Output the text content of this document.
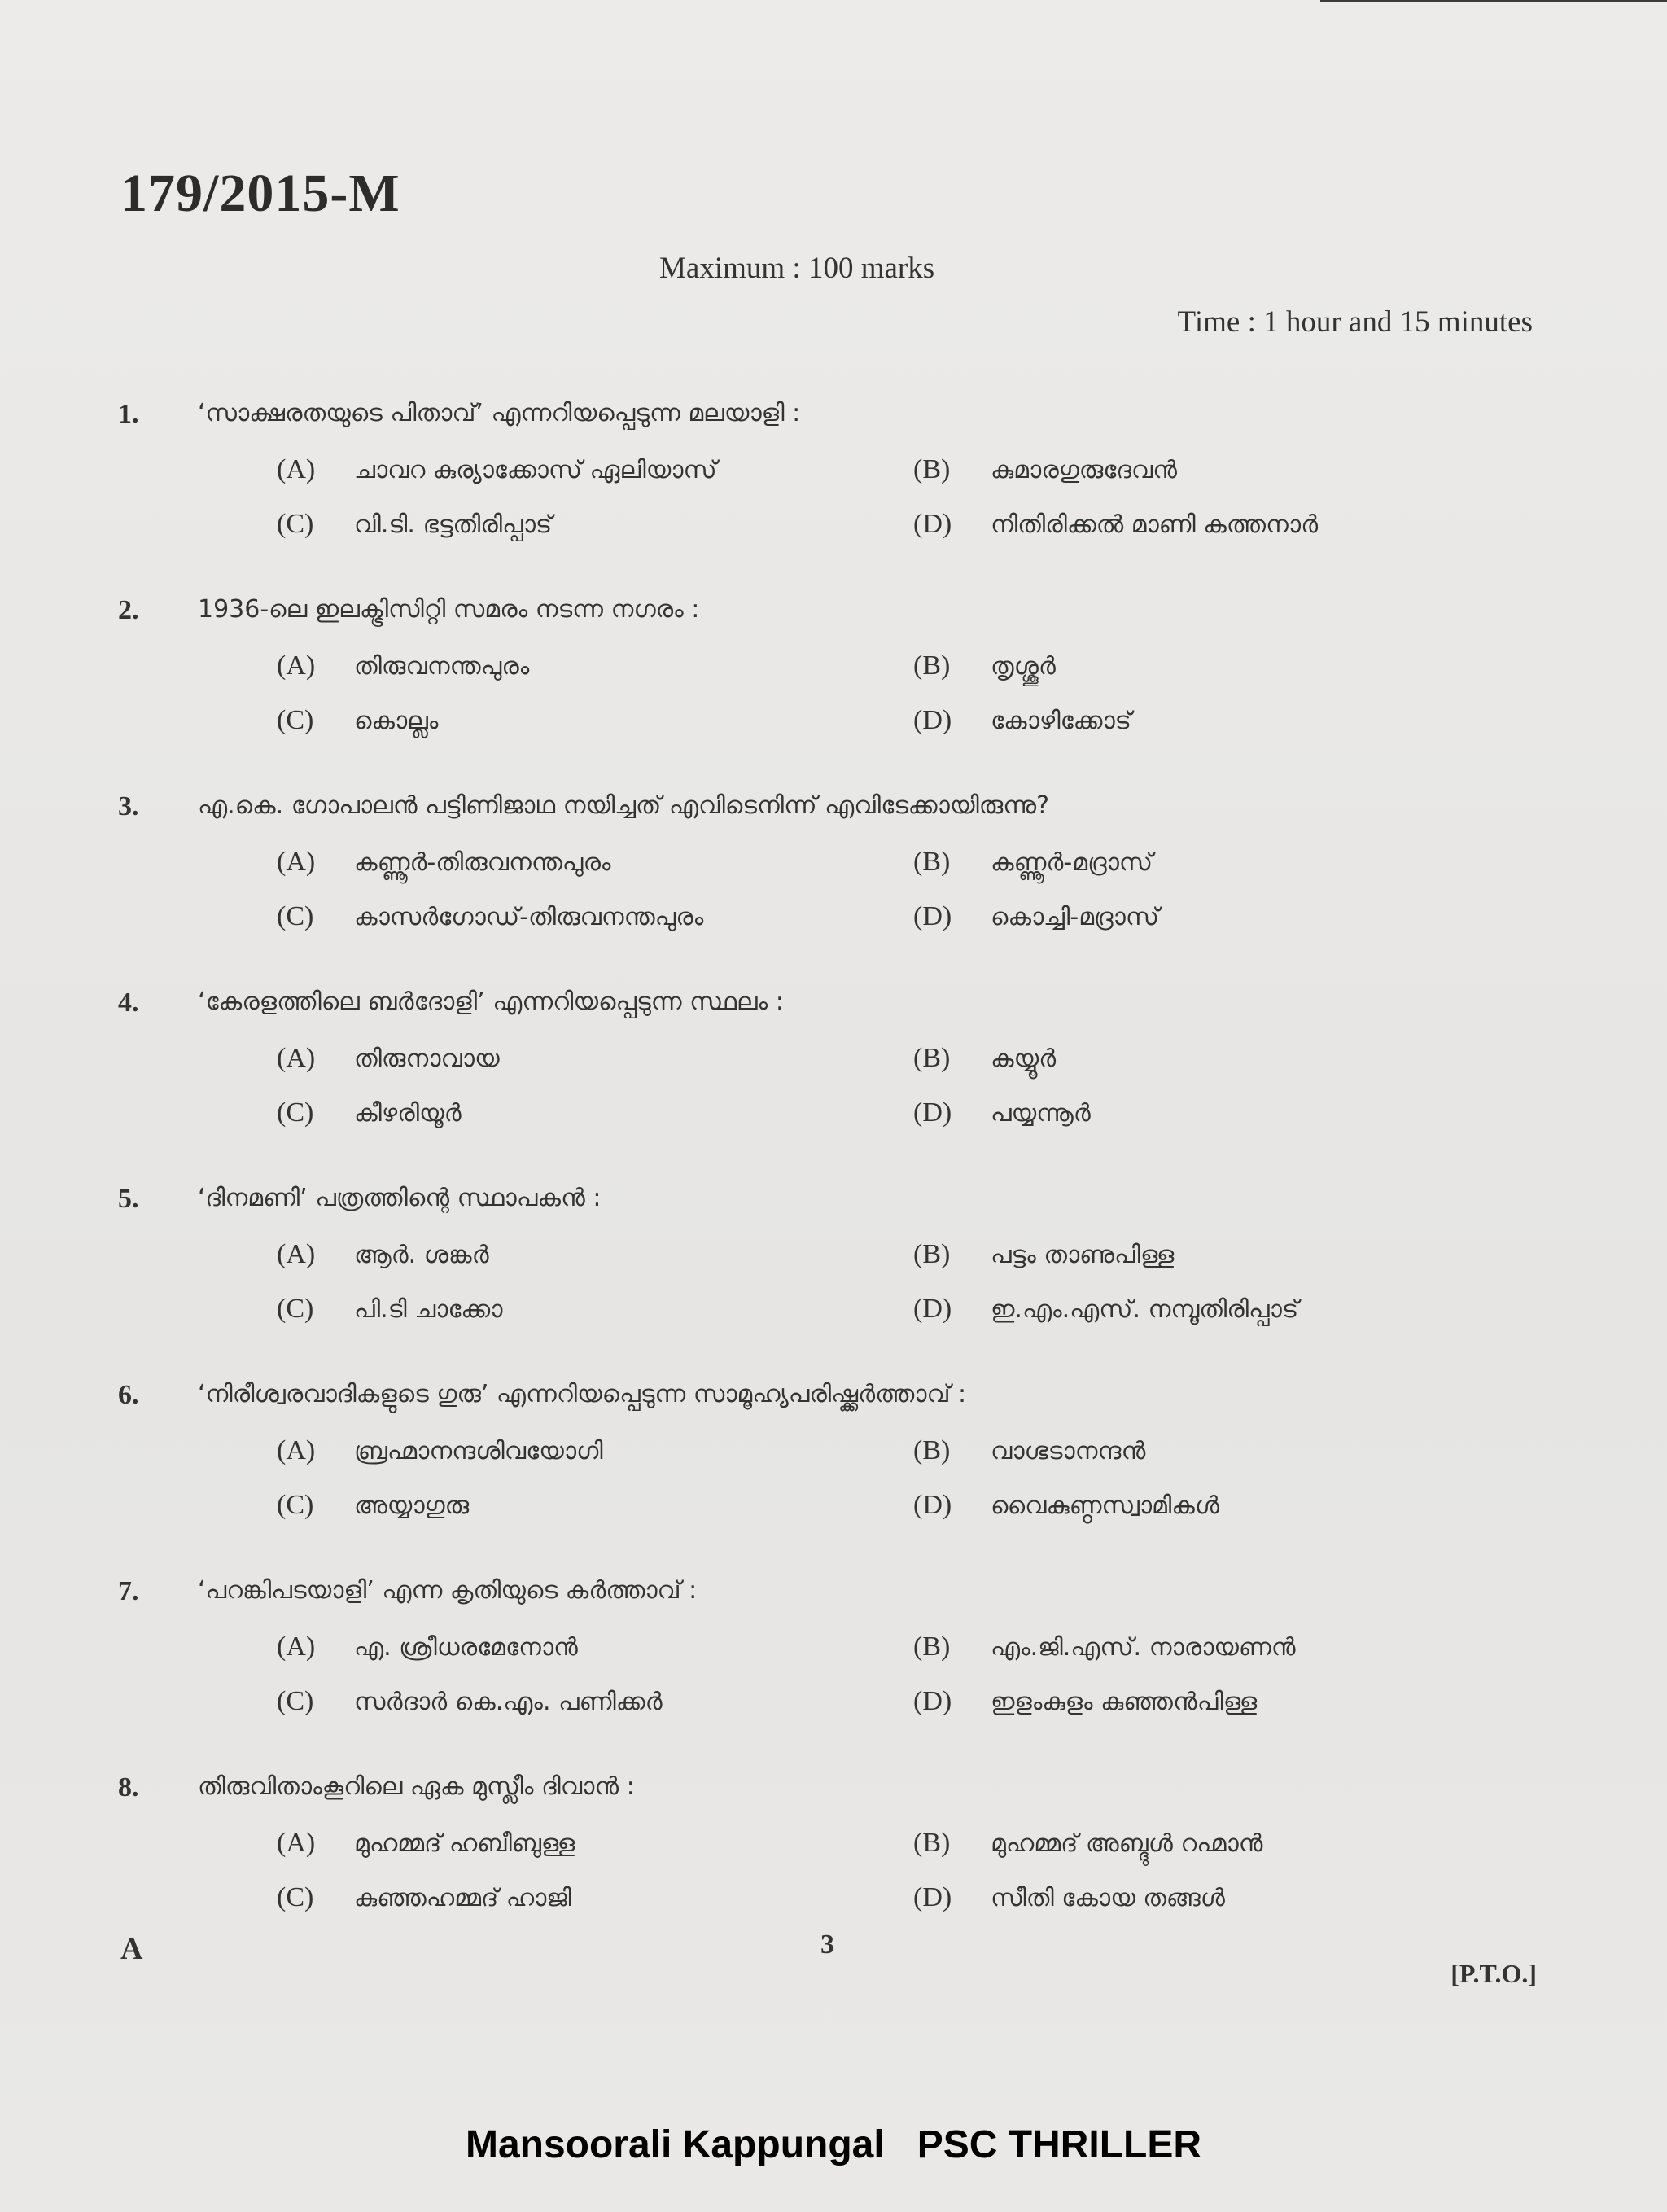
179/2015-M
Maximum : 100 marks
Time : 1 hour and 15 minutes
1. ‘സാക്ഷരതയുടെ പിതാവ്’ എന്നറിയപ്പെടുന്ന മലയാളി :
(A) ചാവറ കുര്യാക്കോസ് ഏലിയാസ്	(B) കുമാരഗുരുദേവൻ
(C) വി.ടി. ഭട്ടതിരിപ്പാട്	(D) നിതിരിക്കൽ മാണി കത്തനാർ
2. 1936-ലെ ഇലക്ട്രിസിറ്റി സമരം നടന്ന നഗരം :
(A) തിരുവനന്തപുരം	(B) തൃശ്ശൂർ
(C) കൊല്ലം	(D) കോഴിക്കോട്
3. എ.കെ. ഗോപാലൻ പട്ടിണിജാഥ നയിച്ചത് എവിടെനിന്ന് എവിടേക്കായിരുന്നു?
(A) കണ്ണൂർ-തിരുവനന്തപുരം	(B) കണ്ണൂർ-മദ്രാസ്
(C) കാസർഗോഡ്-തിരുവനന്തപുരം	(D) കൊച്ചി-മദ്രാസ്
4. ‘കേരളത്തിലെ ബർദോളി’ എന്നറിയപ്പെടുന്ന സ്ഥലം :
(A) തിരുനാവായ	(B) കയ്യൂർ
(C) കീഴരിയൂർ	(D) പയ്യന്നൂർ
5. ‘ദിനമണി’ പത്രത്തിന്റെ സ്ഥാപകൻ :
(A) ആർ. ശങ്കർ	(B) പട്ടം താണുപിള്ള
(C) പി.ടി ചാക്കോ	(D) ഇ.എം.എസ്. നമ്പൂതിരിപ്പാട്
6. ‘നിരീശ്വരവാദികളുടെ ഗുരു’ എന്നറിയപ്പെടുന്ന സാമൂഹ്യപരിഷ്ക്കർത്താവ് :
(A) ബ്രഹ്മാനന്ദശിവയോഗി	(B) വാഗ്ഭടാനന്ദൻ
(C) അയ്യാഗുരു	(D) വൈകുണ്ഠസ്വാമികൾ
7. ‘പറങ്കിപടയാളി’ എന്ന കൃതിയുടെ കർത്താവ് :
(A) എ. ശ്രീധരമേനോൻ	(B) എം.ജി.എസ്. നാരായണൻ
(C) സർദാർ കെ.എം. പണിക്കർ	(D) ഇളംകുളം കുഞ്ഞൻപിള്ള
8. തിരുവിതാംകൂറിലെ ഏക മുസ്ലീം ദിവാൻ :
(A) മുഹമ്മദ് ഹബീബുള്ള	(B) മുഹമ്മദ് അബ്ദുൾ റഹ്മാൻ
(C) കുഞ്ഞഹമ്മദ് ഹാജി	(D) സീതി കോയ തങ്ങൾ
A	3
[P.T.O.]
Mansoorali Kappungal   PSC THRILLER
